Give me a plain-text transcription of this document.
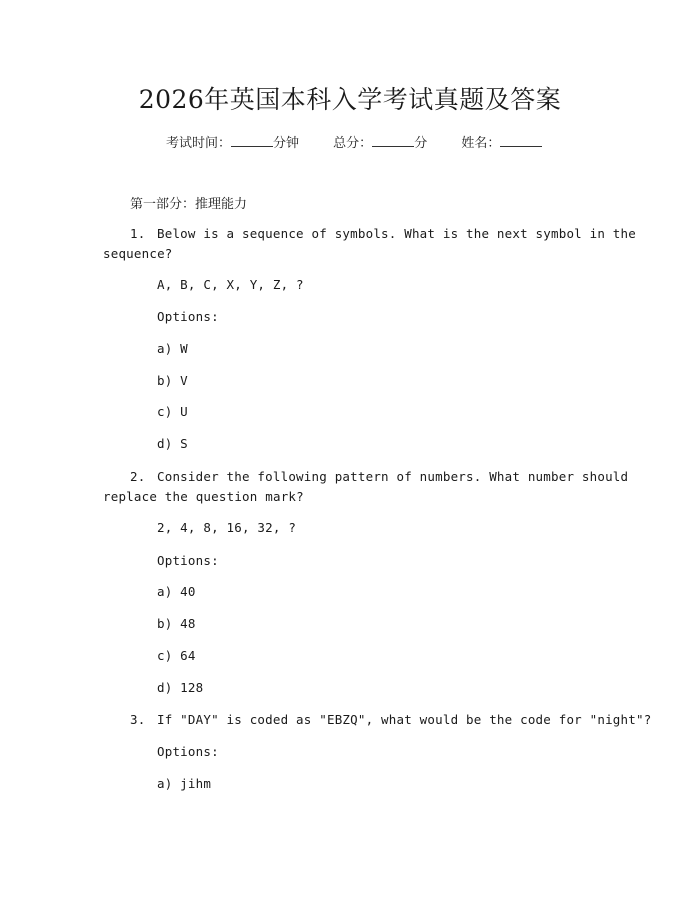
2026年英国本科入学考试真题及答案
考试时间：	分钟	总分：	分	姓名：
第一部分：推理能力
1. Below is a sequence of symbols. What is the next symbol in the
sequence?
A, B, C, X, Y, Z, ?
Options:
a) W
b) V
c) U
d) S
2. Consider the following pattern of numbers. What number should
replace the question mark?
2, 4, 8, 16, 32, ?
Options:
a) 40
b) 48
c) 64
d) 128
3. If "DAY" is coded as "EBZQ", what would be the code for "night"?
Options:
a) jihm
